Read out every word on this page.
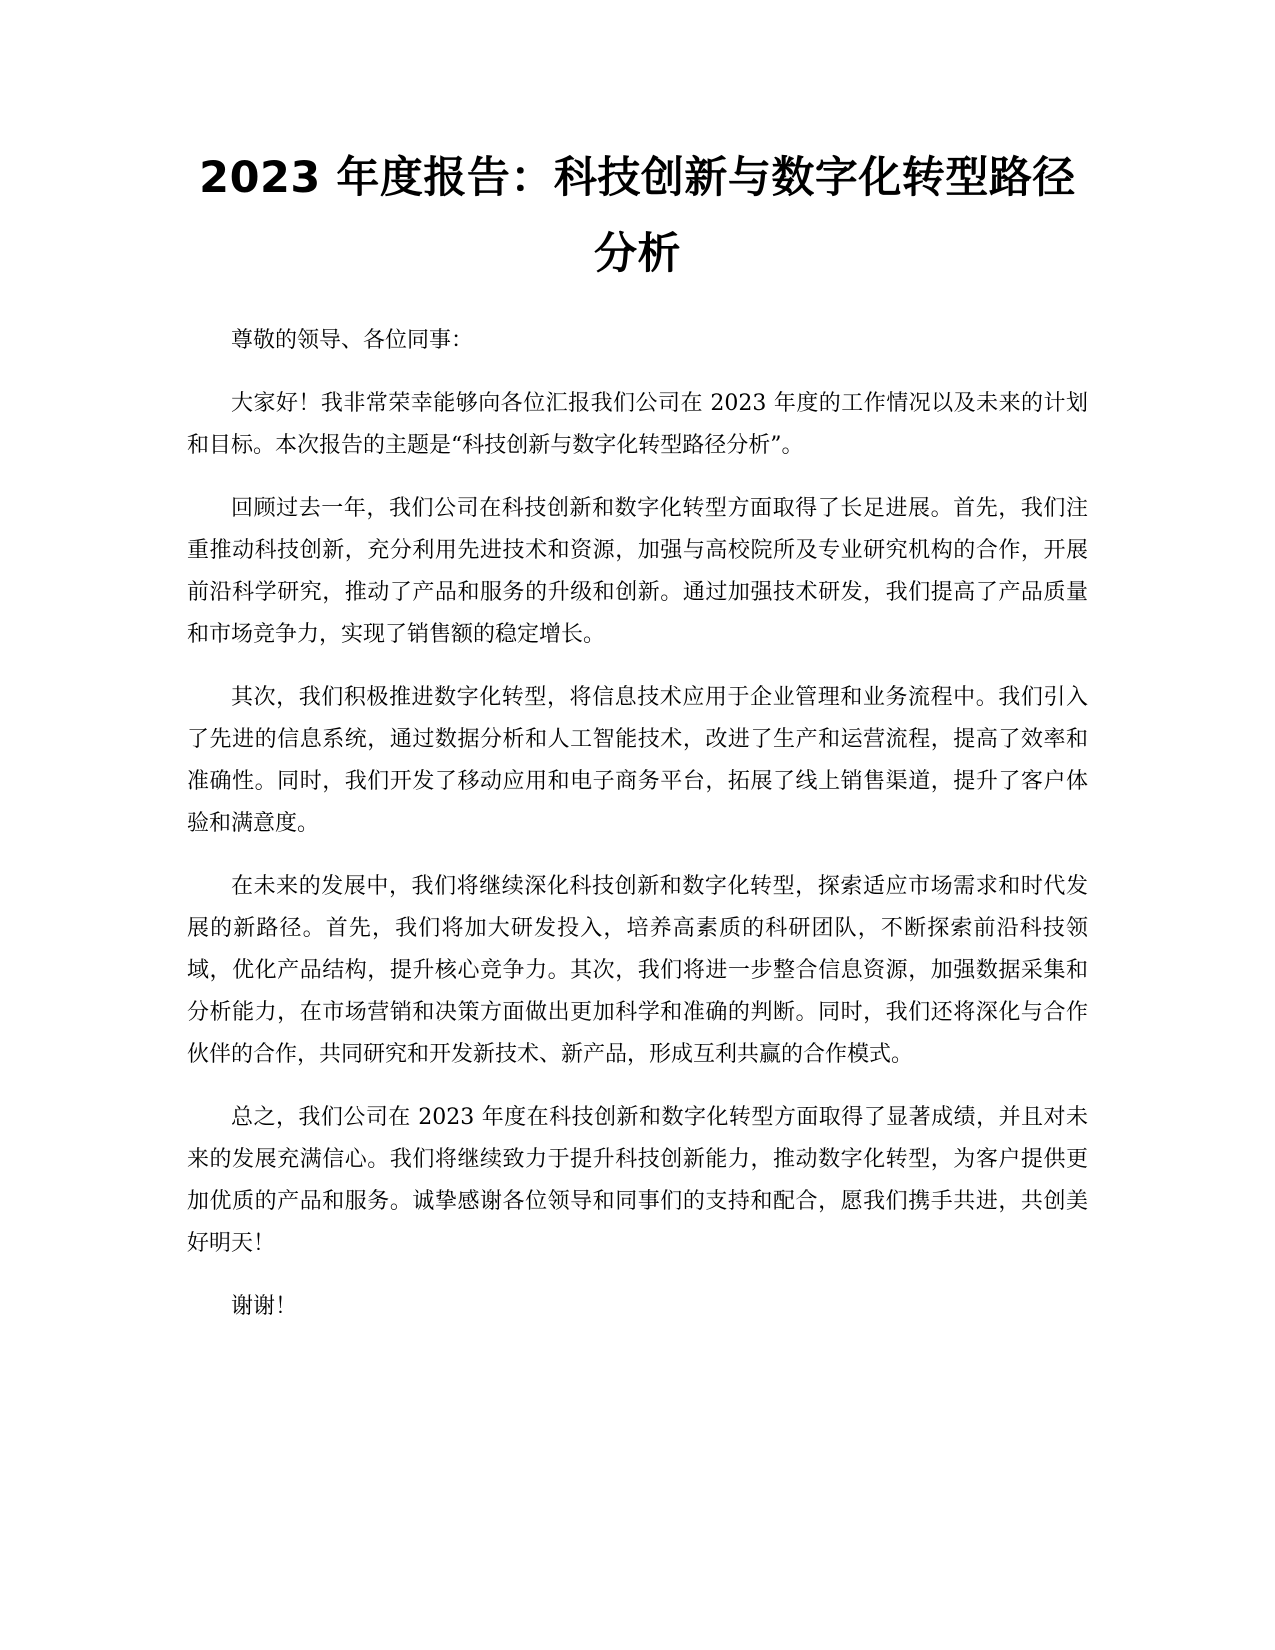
2023 年度报告：科技创新与数字化转型路径
分析

尊敬的领导、各位同事：

大家好！我非常荣幸能够向各位汇报我们公司在 2023 年度的工作情况以及未来的计划和目标。本次报告的主题是“科技创新与数字化转型路径分析”。

回顾过去一年，我们公司在科技创新和数字化转型方面取得了长足进展。首先，我们注重推动科技创新，充分利用先进技术和资源，加强与高校院所及专业研究机构的合作，开展前沿科学研究，推动了产品和服务的升级和创新。通过加强技术研发，我们提高了产品质量和市场竞争力，实现了销售额的稳定增长。

其次，我们积极推进数字化转型，将信息技术应用于企业管理和业务流程中。我们引入了先进的信息系统，通过数据分析和人工智能技术，改进了生产和运营流程，提高了效率和准确性。同时，我们开发了移动应用和电子商务平台，拓展了线上销售渠道，提升了客户体验和满意度。

在未来的发展中，我们将继续深化科技创新和数字化转型，探索适应市场需求和时代发展的新路径。首先，我们将加大研发投入，培养高素质的科研团队，不断探索前沿科技领域，优化产品结构，提升核心竞争力。其次，我们将进一步整合信息资源，加强数据采集和分析能力，在市场营销和决策方面做出更加科学和准确的判断。同时，我们还将深化与合作伙伴的合作，共同研究和开发新技术、新产品，形成互利共赢的合作模式。

总之，我们公司在 2023 年度在科技创新和数字化转型方面取得了显著成绩，并且对未来的发展充满信心。我们将继续致力于提升科技创新能力，推动数字化转型，为客户提供更加优质的产品和服务。诚挚感谢各位领导和同事们的支持和配合，愿我们携手共进，共创美好明天！

谢谢！
